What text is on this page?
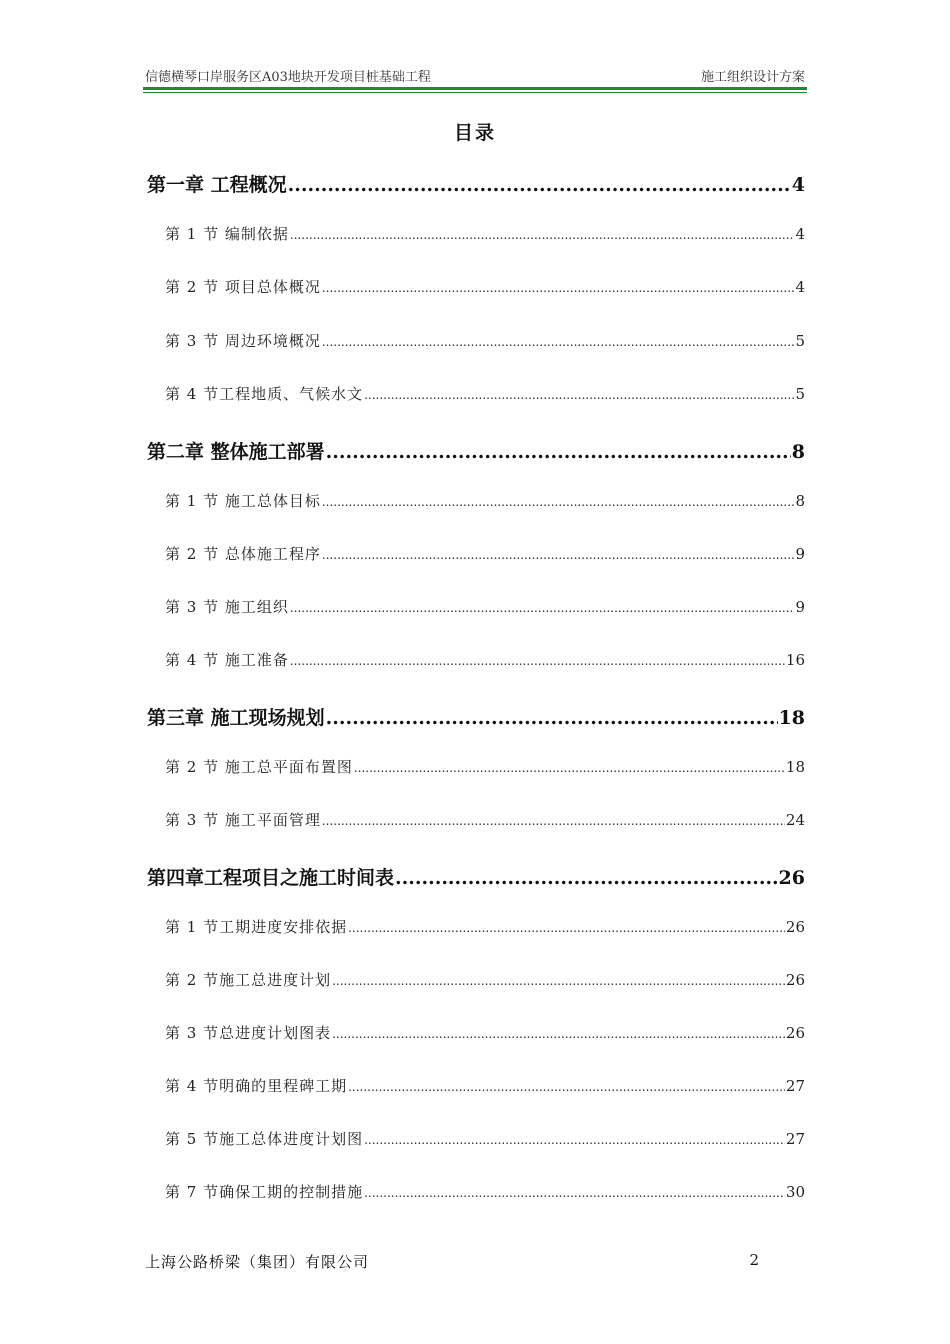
信德横琴口岸服务区A03地块开发项目桩基础工程	施工组织设计方案
目录
第一章 工程概况 .....	4
第 1 节 编制依据 .....	4
第 2 节 项目总体概况 .....	4
第 3 节 周边环境概况 .....	5
第 4 节工程地质、气候水文 .....	5
第二章 整体施工部署 .....	8
第 1 节 施工总体目标 .....	8
第 2 节 总体施工程序 .....	9
第 3 节 施工组织 .....	9
第 4 节 施工准备 .....	16
第三章 施工现场规划 .....	18
第 2 节 施工总平面布置图 .....	18
第 3 节 施工平面管理 .....	24
第四章工程项目之施工时间表 .....	26
第 1 节工期进度安排依据 .....	26
第 2 节施工总进度计划 .....	26
第 3 节总进度计划图表 .....	26
第 4 节明确的里程碑工期 .....	27
第 5 节施工总体进度计划图 .....	27
第 7 节确保工期的控制措施 .....	30
上海公路桥梁（集团）有限公司	2
